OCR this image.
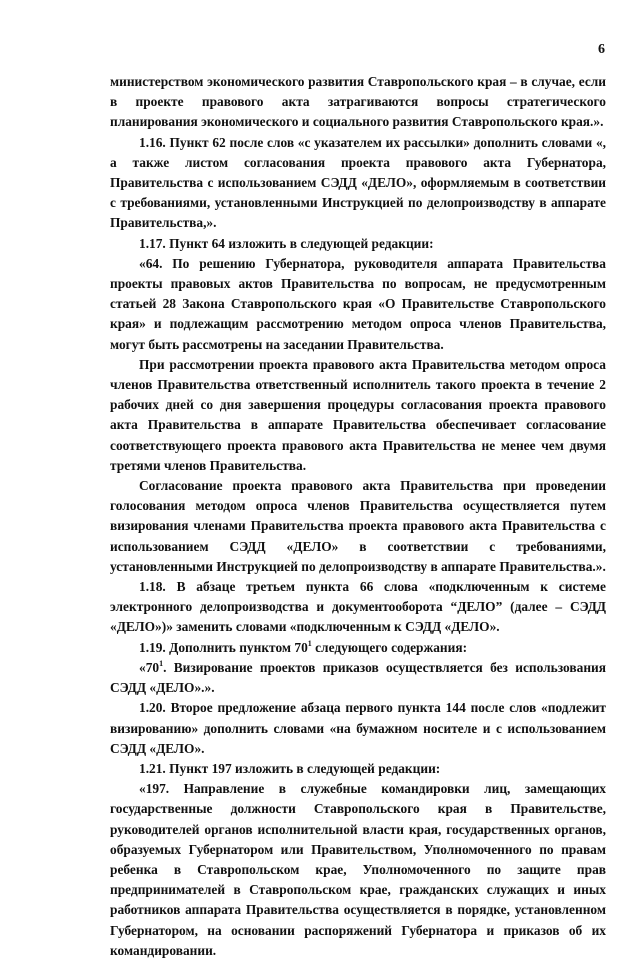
6

министерством экономического развития Ставропольского края – в случае, если в проекте правового акта затрагиваются вопросы стратегического планирования экономического и социального развития Ставропольского края.».

1.16. Пункт 62 после слов «с указателем их рассылки» дополнить словами «, а также листом согласования проекта правового акта Губернатора, Правительства с использованием СЭДД «ДЕЛО», оформляемым в соответствии с требованиями, установленными Инструкцией по делопроизводству в аппарате Правительства,».

1.17. Пункт 64 изложить в следующей редакции:

«64. По решению Губернатора, руководителя аппарата Правительства проекты правовых актов Правительства по вопросам, не предусмотренным статьей 28 Закона Ставропольского края «О Правительстве Ставропольского края» и подлежащим рассмотрению методом опроса членов Правительства, могут быть рассмотрены на заседании Правительства.

При рассмотрении проекта правового акта Правительства методом опроса членов Правительства ответственный исполнитель такого проекта в течение 2 рабочих дней со дня завершения процедуры согласования проекта правового акта Правительства в аппарате Правительства обеспечивает согласование соответствующего проекта правового акта Правительства не менее чем двумя третями членов Правительства.

Согласование проекта правового акта Правительства при проведении голосования методом опроса членов Правительства осуществляется путем визирования членами Правительства проекта правового акта Правительства с использованием СЭДД «ДЕЛО» в соответствии с требованиями, установленными Инструкцией по делопроизводству в аппарате Правительства.».

1.18. В абзаце третьем пункта 66 слова «подключенным к системе электронного делопроизводства и документооборота “ДЕЛО” (далее – СЭДД «ДЕЛО»)» заменить словами «подключенным к СЭДД «ДЕЛО».

1.19. Дополнить пунктом $70^1$ следующего содержания:

«$70^1$. Визирование проектов приказов осуществляется без использования СЭДД «ДЕЛО».».

1.20. Второе предложение абзаца первого пункта 144 после слов «подлежит визированию» дополнить словами «на бумажном носителе и с использованием СЭДД «ДЕЛО».

1.21. Пункт 197 изложить в следующей редакции:

«197. Направление в служебные командировки лиц, замещающих государственные должности Ставропольского края в Правительстве, руководителей органов исполнительной власти края, государственных органов, образуемых Губернатором или Правительством, Уполномоченного по правам ребенка в Ставропольском крае, Уполномоченного по защите прав предпринимателей в Ставропольском крае, гражданских служащих и иных работников аппарата Правительства осуществляется в порядке, установленном Губернатором, на основании распоряжений Губернатора и приказов об их командировании.
